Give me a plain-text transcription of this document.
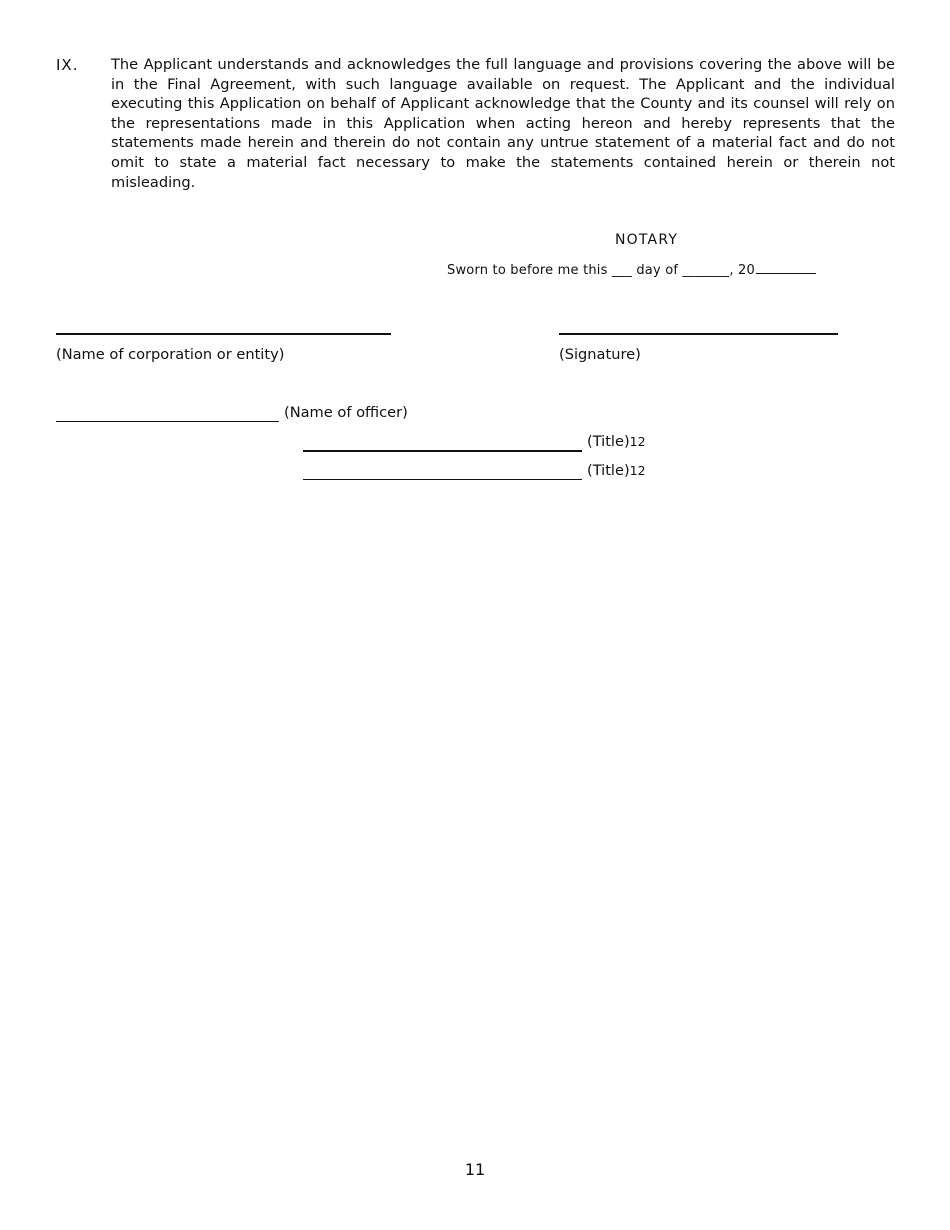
IX. The Applicant understands and acknowledges the full language and provisions covering the above will be in the Final Agreement, with such language available on request. The Applicant and the individual executing this Application on behalf of Applicant acknowledge that the County and its counsel will rely on the representations made in this Application when acting hereon and hereby represents that the statements made herein and therein do not contain any untrue statement of a material fact and do not omit to state a material fact necessary to make the statements contained herein or therein not misleading.
NOTARY
Sworn to before me this ___ day of _______, 20
(Name of corporation or entity)	(Signature)
(Name of officer)
(Title)12
(Title)12
11
